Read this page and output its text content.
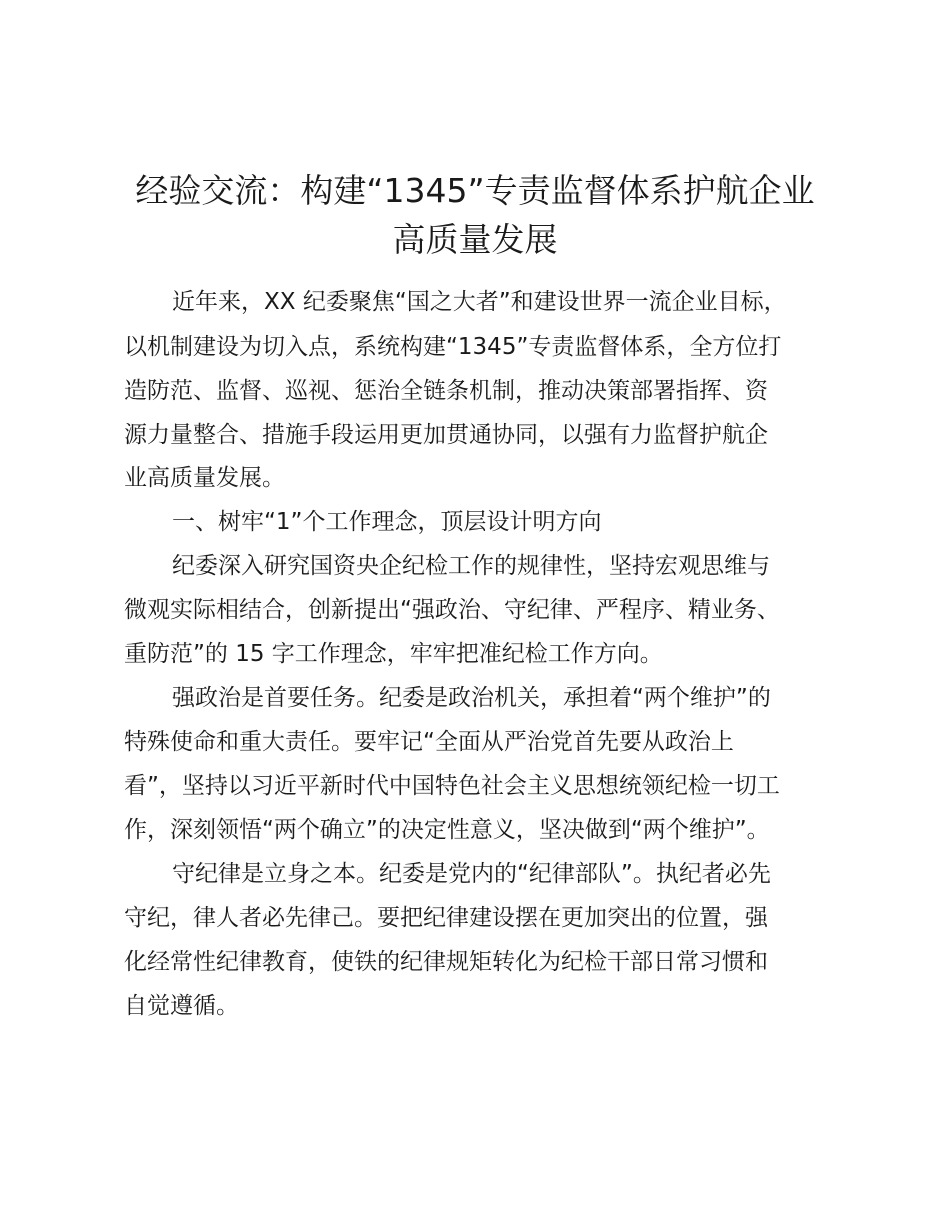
经验交流：构建“1345”专责监督体系护航企业
高质量发展

近年来，XX 纪委聚焦“国之大者”和建设世界一流企业目标，

以机制建设为切入点，系统构建“1345”专责监督体系，全方位打

造防范、监督、巡视、惩治全链条机制，推动决策部署指挥、资

源力量整合、措施手段运用更加贯通协同，以强有力监督护航企

业高质量发展。

一、树牢“1”个工作理念，顶层设计明方向

纪委深入研究国资央企纪检工作的规律性，坚持宏观思维与

微观实际相结合，创新提出“强政治、守纪律、严程序、精业务、

重防范”的 15 字工作理念，牢牢把准纪检工作方向。

强政治是首要任务。纪委是政治机关，承担着“两个维护”的

特殊使命和重大责任。要牢记“全面从严治党首先要从政治上

看”，坚持以习近平新时代中国特色社会主义思想统领纪检一切工

作，深刻领悟“两个确立”的决定性意义，坚决做到“两个维护”。

守纪律是立身之本。纪委是党内的“纪律部队”。执纪者必先

守纪，律人者必先律己。要把纪律建设摆在更加突出的位置，强

化经常性纪律教育，使铁的纪律规矩转化为纪检干部日常习惯和

自觉遵循。
